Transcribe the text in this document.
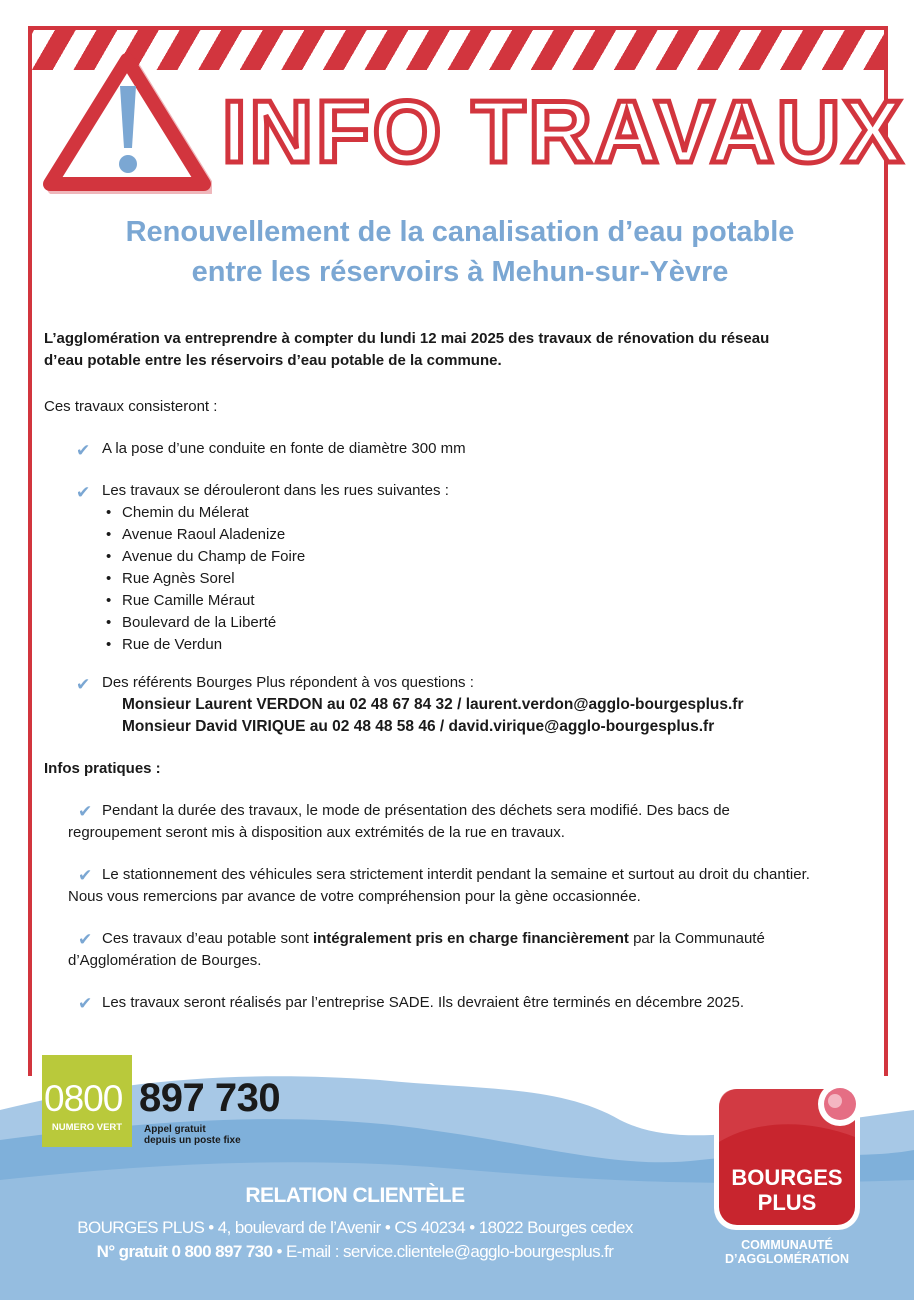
INFO TRAVAUX
Renouvellement de la canalisation d’eau potable
entre les réservoirs à Mehun-sur-Yèvre
L’agglomération va entreprendre à compter du lundi 12 mai 2025 des travaux de rénovation du réseau
d’eau potable entre les réservoirs d’eau potable de la commune.
Ces travaux consisteront :
✔ A la pose d’une conduite en fonte de diamètre 300 mm
✔ Les travaux se dérouleront dans les rues suivantes :
• Chemin du Mélerat
• Avenue Raoul Aladenize
• Avenue du Champ de Foire
• Rue Agnès Sorel
• Rue Camille Méraut
• Boulevard de la Liberté
• Rue de Verdun
✔ Des référents Bourges Plus répondent à vos questions :
Monsieur Laurent VERDON au 02 48 67 84 32 / laurent.verdon@agglo-bourgesplus.fr
Monsieur David VIRIQUE au 02 48 48 58 46 / david.virique@agglo-bourgesplus.fr
Infos pratiques :
✔ Pendant la durée des travaux, le mode de présentation des déchets sera modifié. Des bacs de
regroupement seront mis à disposition aux extrémités de la rue en travaux.
✔ Le stationnement des véhicules sera strictement interdit pendant la semaine et surtout au droit du chantier.
Nous vous remercions par avance de votre compréhension pour la gène occasionnée.
✔ Ces travaux d’eau potable sont intégralement pris en charge financièrement par la Communauté
d’Agglomération de Bourges.
✔ Les travaux seront réalisés par l’entreprise SADE. Ils devraient être terminés en décembre 2025.
0800
NUMERO VERT
897 730
Appel gratuit
depuis un poste fixe
RELATION CLIENTÈLE
BOURGES PLUS • 4, boulevard de l’Avenir • CS 40234 • 18022 Bourges cedex
N° gratuit 0 800 897 730 • E-mail : service.clientele@agglo-bourgesplus.fr
BOURGES
PLUS
COMMUNAUTÉ
D’AGGLOMÉRATION
